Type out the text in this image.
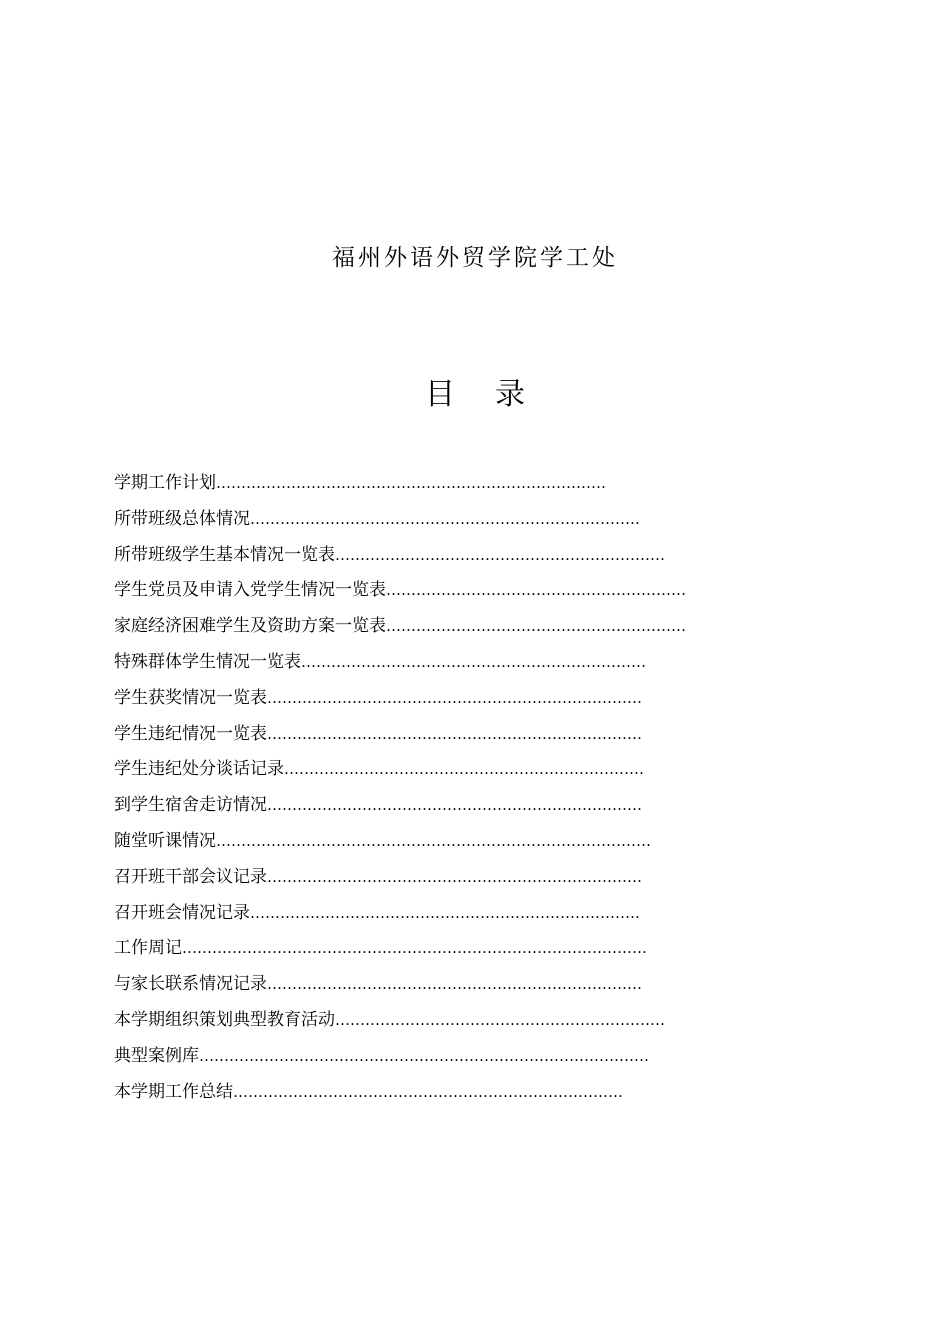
福州外语外贸学院学工处
目 录
学期工作计划……………………………………………………………………
所带班级总体情况……………………………………………………………………
所带班级学生基本情况一览表…………………………………………………………
学生党员及申请入党学生情况一览表……………………………………………………
家庭经济困难学生及资助方案一览表……………………………………………………
特殊群体学生情况一览表……………………………………………………………
学生获奖情况一览表…………………………………………………………………
学生违纪情况一览表…………………………………………………………………
学生违纪处分谈话记录………………………………………………………………
到学生宿舍走访情况…………………………………………………………………
随堂听课情况……………………………………………………………………………
召开班干部会议记录…………………………………………………………………
召开班会情况记录……………………………………………………………………
工作周记…………………………………………………………………………………
与家长联系情况记录…………………………………………………………………
本学期组织策划典型教育活动…………………………………………………………
典型案例库………………………………………………………………………………
本学期工作总结……………………………………………………………………
